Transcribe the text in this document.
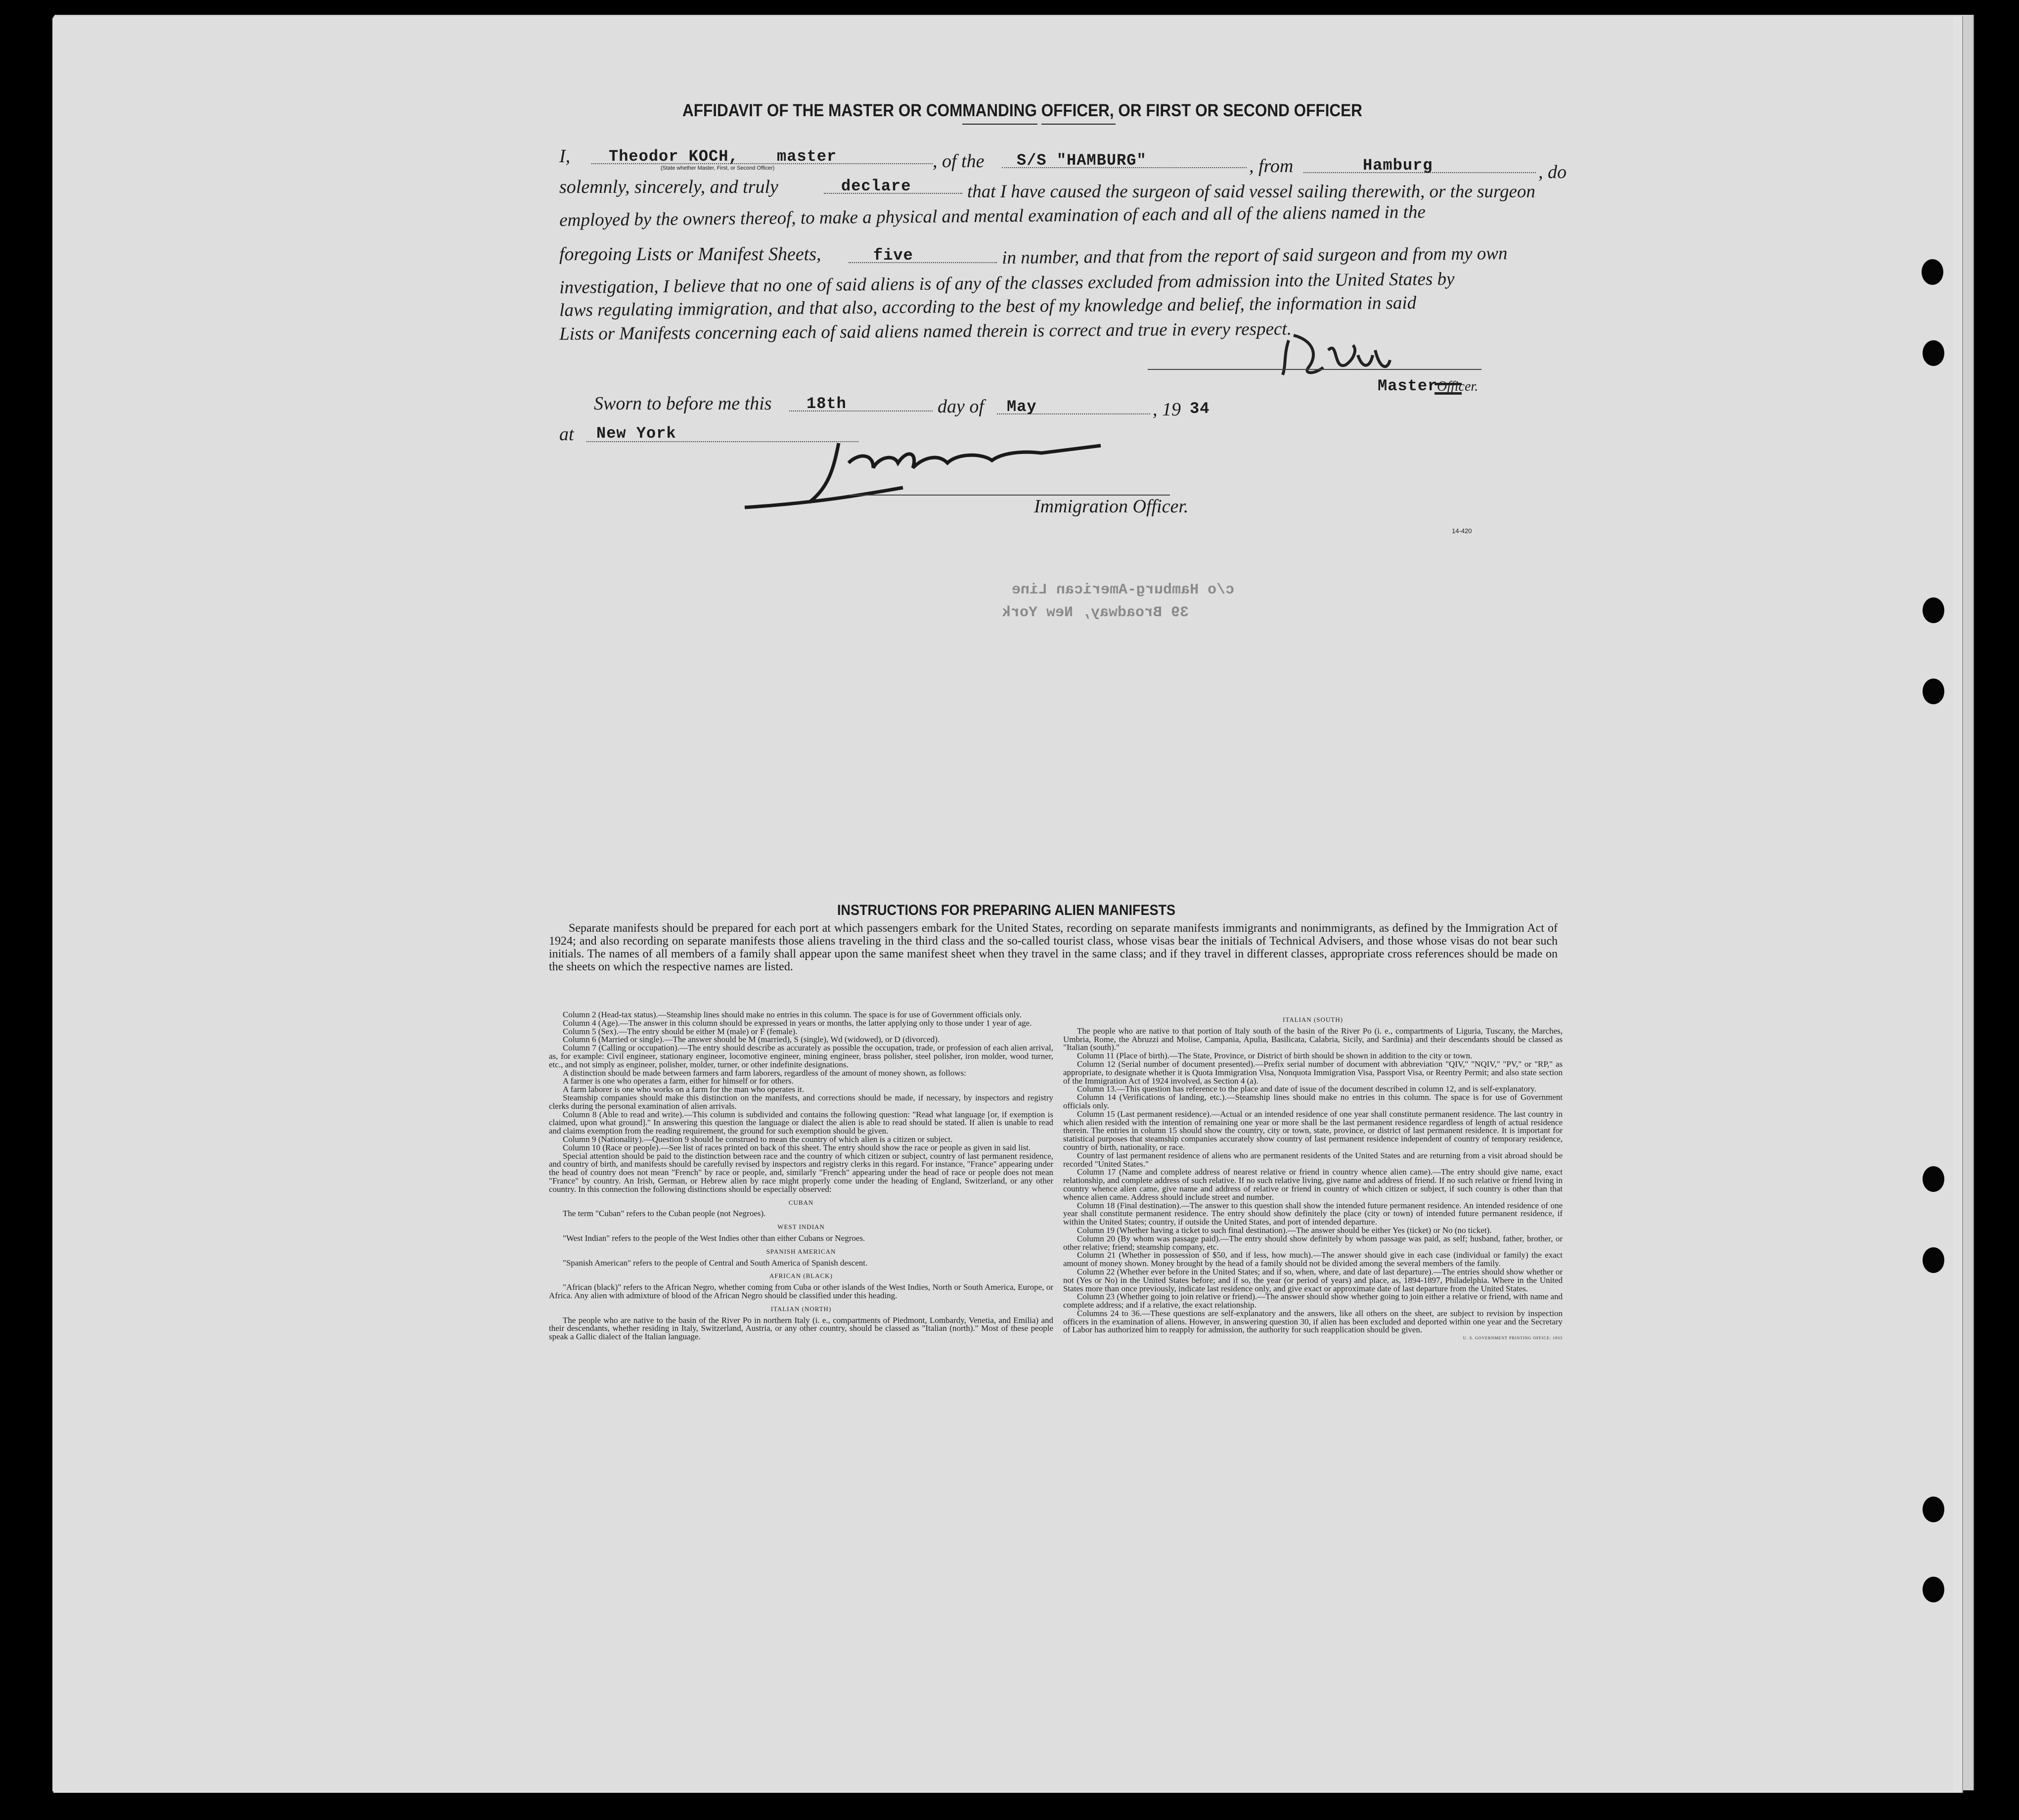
AFFIDAVIT OF THE MASTER OR COMMANDING OFFICER, OR FIRST OR SECOND OFFICER
I, Theodor KOCH, master
(State whether Master, First, or Second Officer)	, of the S/S "HAMBURG"	, from	Hamburg	, do
solemnly, sincerely, and truly	declare	that I have caused the surgeon of said vessel sailing therewith, or the surgeon
employed by the owners thereof, to make a physical and mental examination of each and all of the aliens named in the
foregoing Lists or Manifest Sheets,	five	in number, and that from the report of said surgeon and from my own
investigation, I believe that no one of said aliens is of any of the classes excluded from admission into the United States by
laws regulating immigration, and that also, according to the best of my knowledge and belief, the information in said
Lists or Manifests concerning each of said aliens named therein is correct and true in every respect.
Master
Officer.
Sworn to before me this 18th	day of May	, 19 34
at New York
Immigration Officer.
14-420
c/o Hamburg-American Line
39 Broadway, New York
INSTRUCTIONS FOR PREPARING ALIEN MANIFESTS
Separate manifests should be prepared for each port at which passengers embark for the United States, recording on separate manifests immigrants and nonimmigrants, as defined by the Immigration Act of 1924; and also recording on separate manifests those aliens traveling in the third class and the so-called tourist class, whose visas bear the initials of Technical Advisers, and those whose visas do not bear such initials. The names of all members of a family shall appear upon the same manifest sheet when they travel in the same class; and if they travel in different classes, appropriate cross references should be made on the sheets on which the respective names are listed.

Column 2 (Head-tax status).—Steamship lines should make no entries in this column. The space is for use of Government officials only.

Column 4 (Age).—The answer in this column should be expressed in years or months, the latter applying only to those under 1 year of age.

Column 5 (Sex).—The entry should be either M (male) or F (female).

Column 6 (Married or single).—The answer should be M (married), S (single), Wd (widowed), or D (divorced).

Column 7 (Calling or occupation).—The entry should describe as accurately as possible the occupation, trade, or profession of each alien arrival, as, for example: Civil engineer, stationary engineer, locomotive engineer, mining engineer, brass polisher, steel polisher, iron molder, wood turner, etc., and not simply as engineer, polisher, molder, turner, or other indefinite designations.

A distinction should be made between farmers and farm laborers, regardless of the amount of money shown, as follows:

A farmer is one who operates a farm, either for himself or for others.

A farm laborer is one who works on a farm for the man who operates it.

Steamship companies should make this distinction on the manifests, and corrections should be made, if necessary, by inspectors and registry clerks during the personal examination of alien arrivals.

Column 8 (Able to read and write).—This column is subdivided and contains the following question: "Read what language [or, if exemption is claimed, upon what ground]." In answering this question the language or dialect the alien is able to read should be stated. If alien is unable to read and claims exemption from the reading requirement, the ground for such exemption should be given.

Column 9 (Nationality).—Question 9 should be construed to mean the country of which alien is a citizen or subject.

Column 10 (Race or people).—See list of races printed on back of this sheet. The entry should show the race or people as given in said list.

Special attention should be paid to the distinction between race and the country of which citizen or subject, country of last permanent residence, and country of birth, and manifests should be carefully revised by inspectors and registry clerks in this regard. For instance, "France" appearing under the head of country does not mean "French" by race or people, and, similarly "French" appearing under the head of race or people does not mean "France" by country. An Irish, German, or Hebrew alien by race might properly come under the heading of England, Switzerland, or any other country. In this connection the following distinctions should be especially observed:

CUBAN

The term "Cuban" refers to the Cuban people (not Negroes).

WEST INDIAN

"West Indian" refers to the people of the West Indies other than either Cubans or Negroes.

SPANISH AMERICAN

"Spanish American" refers to the people of Central and South America of Spanish descent.

AFRICAN (BLACK)

"African (black)" refers to the African Negro, whether coming from Cuba or other islands of the West Indies, North or South America, Europe, or Africa. Any alien with admixture of blood of the African Negro should be classified under this heading.

ITALIAN (NORTH)

The people who are native to the basin of the River Po in northern Italy (i. e., compartments of Piedmont, Lombardy, Venetia, and Emilia) and their descendants, whether residing in Italy, Switzerland, Austria, or any other country, should be classed as "Italian (north)." Most of these people speak a Gallic dialect of the Italian language.

ITALIAN (SOUTH)

The people who are native to that portion of Italy south of the basin of the River Po (i. e., compartments of Liguria, Tuscany, the Marches, Umbria, Rome, the Abruzzi and Molise, Campania, Apulia, Basilicata, Calabria, Sicily, and Sardinia) and their descendants should be classed as "Italian (south)."

Column 11 (Place of birth).—The State, Province, or District of birth should be shown in addition to the city or town.

Column 12 (Serial number of document presented).—Prefix serial number of document with abbreviation "QIV," "NQIV," "PV," or "RP," as appropriate, to designate whether it is Quota Immigration Visa, Nonquota Immigration Visa, Passport Visa, or Reentry Permit; and also state section of the Immigration Act of 1924 involved, as Section 4 (a).

Column 13.—This question has reference to the place and date of issue of the document described in column 12, and is self-explanatory.

Column 14 (Verifications of landing, etc.).—Steamship lines should make no entries in this column. The space is for use of Government officials only.

Column 15 (Last permanent residence).—Actual or an intended residence of one year shall constitute permanent residence. The last country in which alien resided with the intention of remaining one year or more shall be the last permanent residence regardless of length of actual residence therein. The entries in column 15 should show the country, city or town, state, province, or district of last permanent residence. It is important for statistical purposes that steamship companies accurately show country of last permanent residence independent of country of temporary residence, country of birth, nationality, or race.

Country of last permanent residence of aliens who are permanent residents of the United States and are returning from a visit abroad should be recorded "United States."

Column 17 (Name and complete address of nearest relative or friend in country whence alien came).—The entry should give name, exact relationship, and complete address of such relative. If no such relative living, give name and address of friend. If no such relative or friend living in country whence alien came, give name and address of relative or friend in country of which citizen or subject, if such country is other than that whence alien came. Address should include street and number.

Column 18 (Final destination).—The answer to this question shall show the intended future permanent residence. An intended residence of one year shall constitute permanent residence. The entry should show definitely the place (city or town) of intended future permanent residence, if within the United States; country, if outside the United States, and port of intended departure.

Column 19 (Whether having a ticket to such final destination).—The answer should be either Yes (ticket) or No (no ticket).

Column 20 (By whom was passage paid).—The entry should show definitely by whom passage was paid, as self; husband, father, brother, or other relative; friend; steamship company, etc.

Column 21 (Whether in possession of $50, and if less, how much).—The answer should give in each case (individual or family) the exact amount of money shown. Money brought by the head of a family should not be divided among the several members of the family.

Column 22 (Whether ever before in the United States; and if so, when, where, and date of last departure).—The entries should show whether or not (Yes or No) in the United States before; and if so, the year (or period of years) and place, as, 1894-1897, Philadelphia. Where in the United States more than once previously, indicate last residence only, and give exact or approximate date of last departure from the United States.

Column 23 (Whether going to join relative or friend).—The answer should show whether going to join either a relative or friend, with name and complete address; and if a relative, the exact relationship.

Columns 24 to 36.—These questions are self-explanatory and the answers, like all others on the sheet, are subject to revision by inspection officers in the examination of aliens. However, in answering question 30, if alien has been excluded and deported within one year and the Secretary of Labor has authorized him to reapply for admission, the authority for such reapplication should be given.

U. S. GOVERNMENT PRINTING OFFICE: 1933
